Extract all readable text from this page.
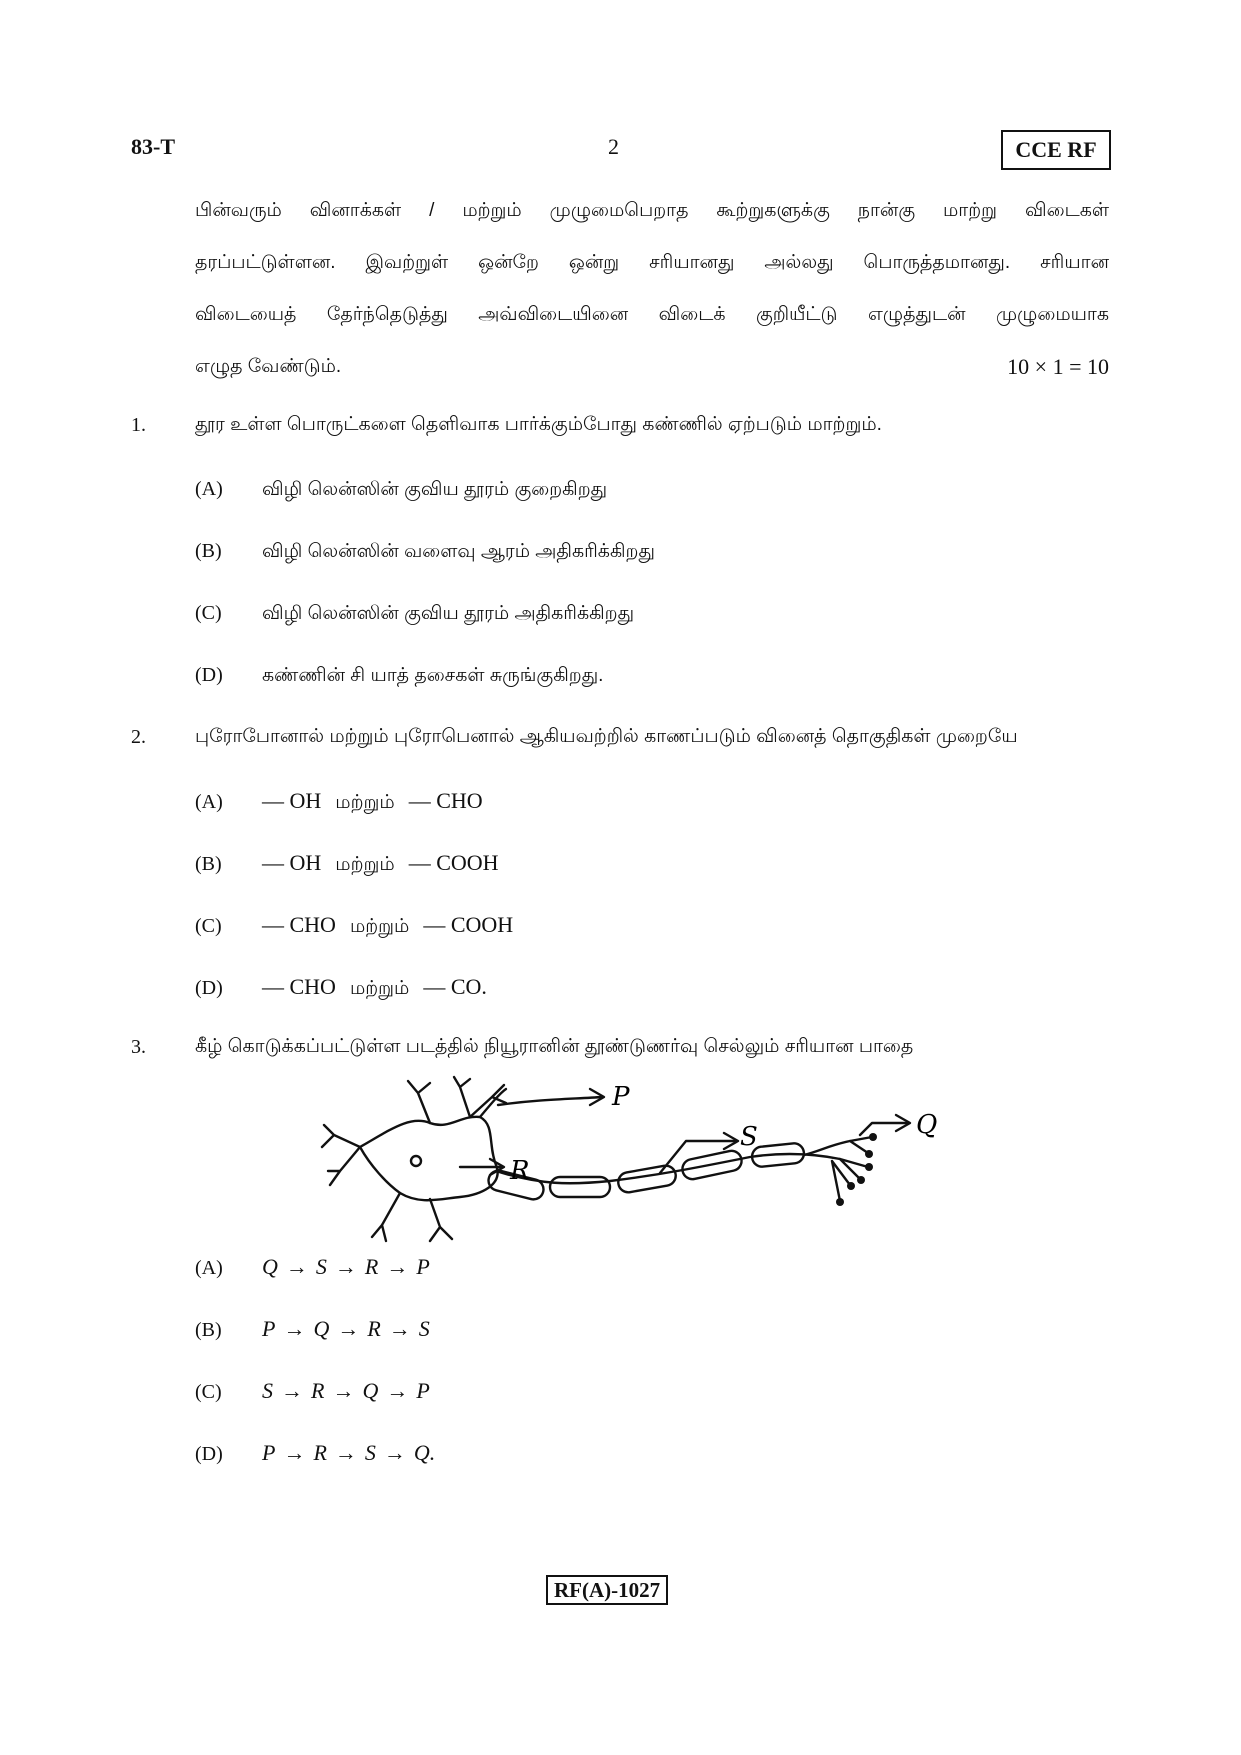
83-T	2	CCE RF
பின்வரும் வினாக்கள் / மற்றும் முழுமைபெறாத கூற்றுகளுக்கு நான்கு மாற்று விடைகள்
தரப்பட்டுள்ளன. இவற்றுள் ஒன்றே ஒன்று சரியானது அல்லது பொருத்தமானது. சரியான
விடையைத் தேர்ந்தெடுத்து அவ்விடையினை விடைக் குறியீட்டு எழுத்துடன் முழுமையாக
எழுத வேண்டும்.	10 × 1 = 10
1.	தூர உள்ள பொருட்களை தெளிவாக பார்க்கும்போது கண்ணில் ஏற்படும் மாற்றும்.
(A)	விழி லென்ஸின் குவிய தூரம் குறைகிறது
(B)	விழி லென்ஸின் வளைவு ஆரம் அதிகரிக்கிறது
(C)	விழி லென்ஸின் குவிய தூரம் அதிகரிக்கிறது
(D)	கண்ணின் சி யாத் தசைகள் சுருங்குகிறது.
2.	புரோபோனால் மற்றும் புரோபெனால் ஆகியவற்றில் காணப்படும் வினைத் தொகுதிகள் முறையே
(A)	— OH மற்றும் — CHO
(B)	— OH மற்றும் — COOH
(C)	— CHO மற்றும் — COOH
(D)	— CHO மற்றும் — CO.
3.	கீழ் கொடுக்கப்பட்டுள்ள படத்தில் நியூரானின் தூண்டுணர்வு செல்லும் சரியான பாதை
P
R
S	Q
(A)	Q → S → R → P
(B)	P → Q → R → S
(C)	S → R → Q → P
(D)	P → R → S → Q.
RF(A)-1027
